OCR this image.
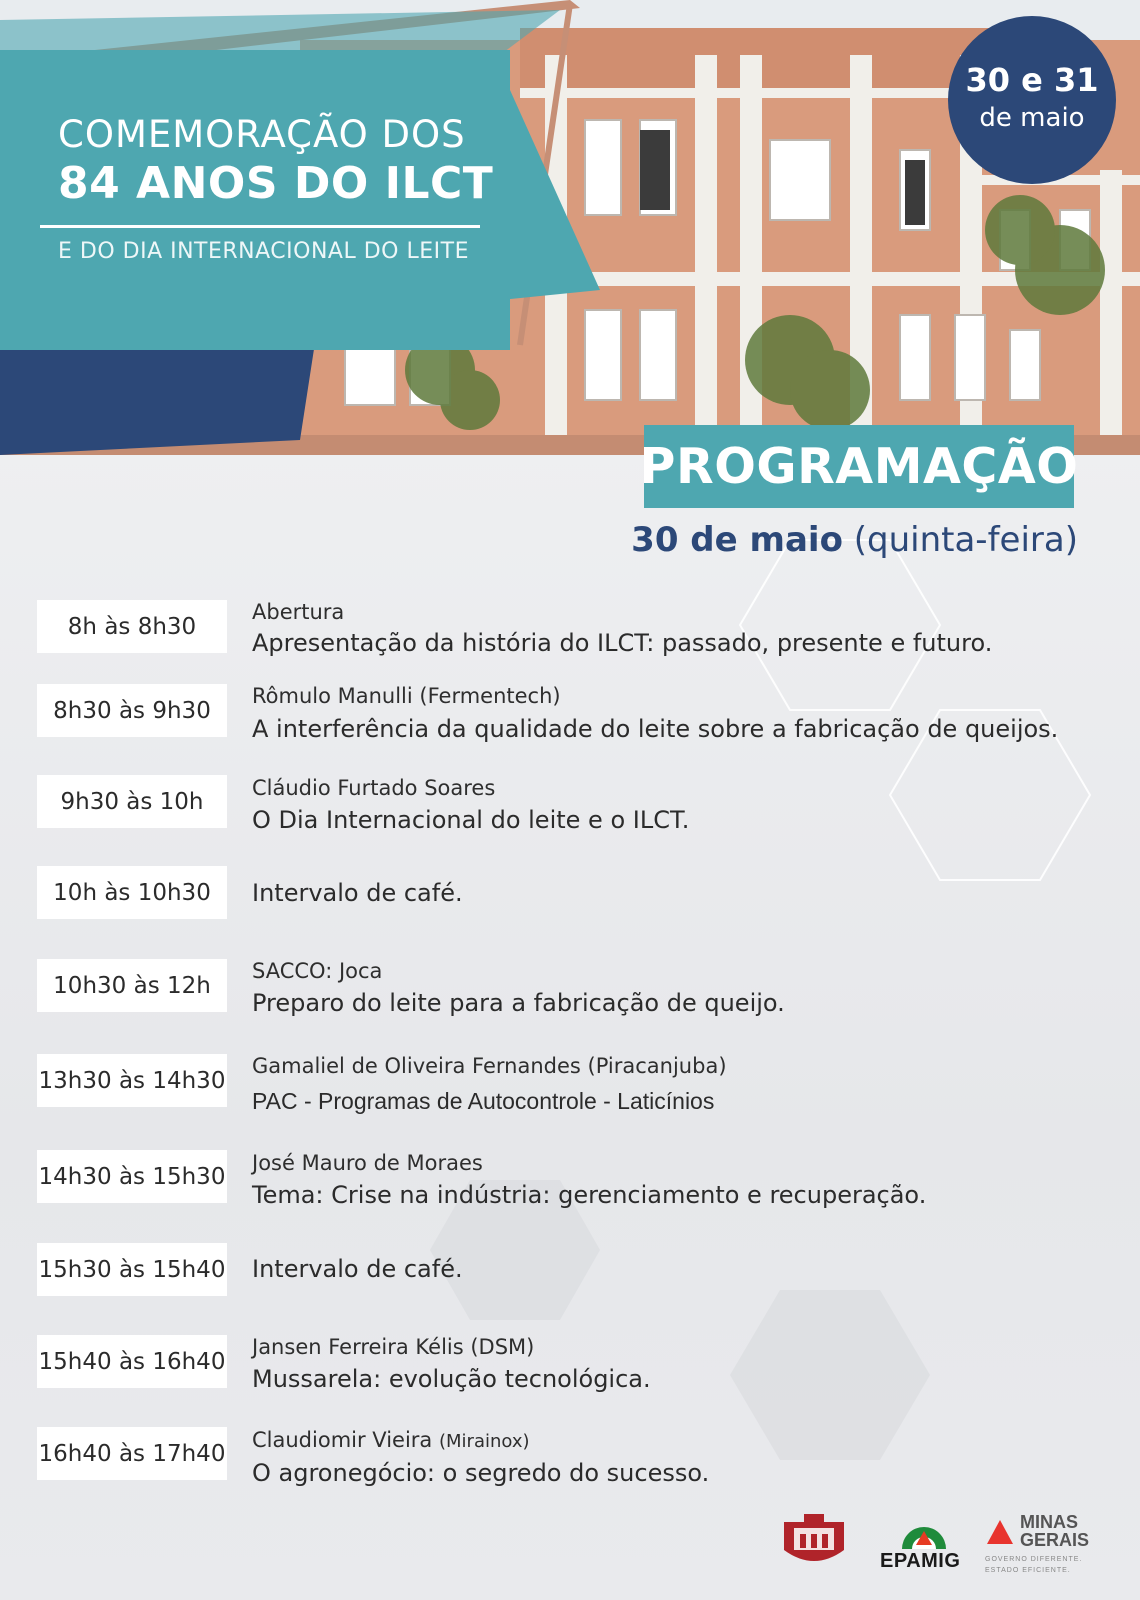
COMEMORAÇÃO DOS
84 ANOS DO ILCT
E DO DIA INTERNACIONAL DO LEITE
30 e 31
de maio
PROGRAMAÇÃO
30 de maio (quinta-feira)
8h às 8h30
Abertura
Apresentação da história do ILCT: passado, presente e futuro.
8h30 às 9h30
Rômulo Manulli (Fermentech)
A interferência da qualidade do leite sobre a fabricação de queijos.
9h30 às 10h
Cláudio Furtado Soares
O Dia Internacional do leite e o ILCT.
10h às 10h30	Intervalo de café.
10h30 às 12h
SACCO: Joca
Preparo do leite para a fabricação de queijo.
13h30 às 14h30
Gamaliel de Oliveira Fernandes (Piracanjuba)
PAC - Programas de Autocontrole - Laticínios
14h30 às 15h30
José Mauro de Moraes
Tema: Crise na indústria: gerenciamento e recuperação.
15h30 às 15h40 Intervalo de café.
15h40 às 16h40
Jansen Ferreira Kélis (DSM)
Mussarela: evolução tecnológica.
16h40 às 17h40
Claudiomir Vieira (Mirainox)
O agronegócio: o segredo do sucesso.
EPAMIG
MINAS
GERAIS
GOVERNO DIFERENTE.
ESTADO EFICIENTE.
